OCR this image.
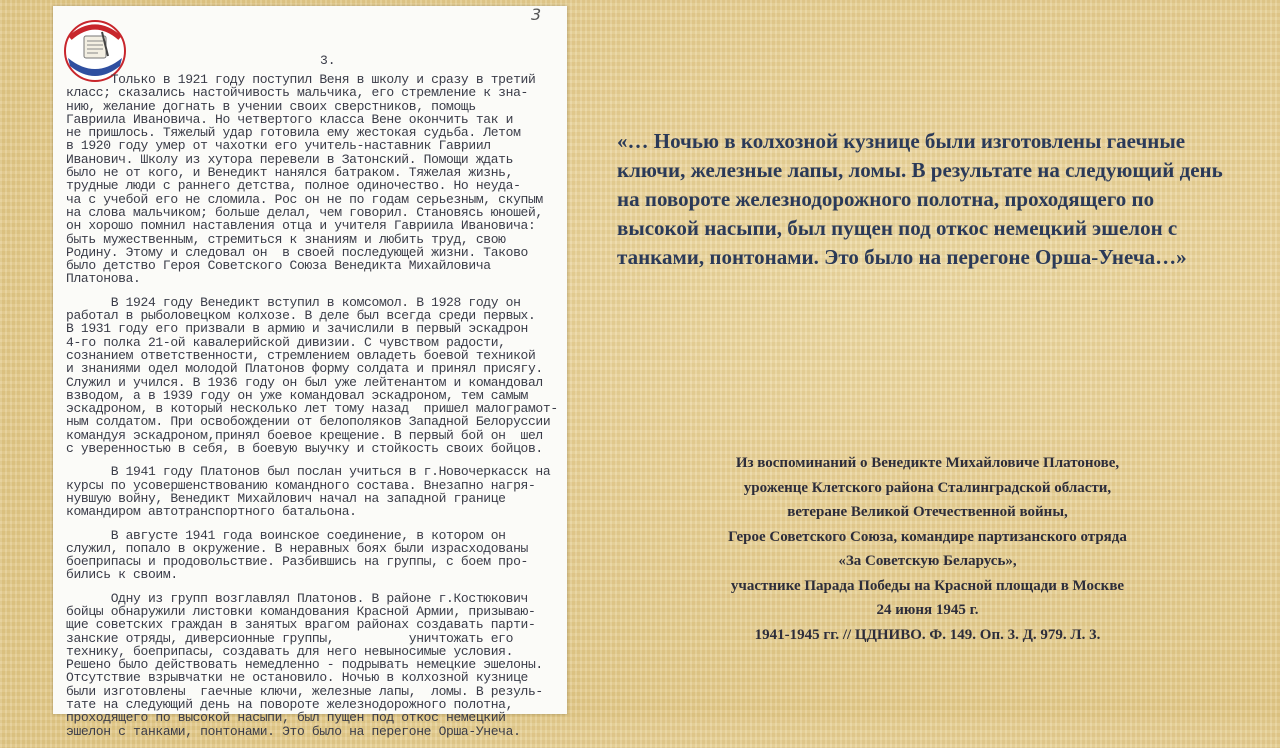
3
3.

Только в 1921 году поступил Веня в школу и сразу в третий
класс; сказались настойчивость мальчика, его стремление к зна-
нию, желание догнать в учении своих сверстников, помощь
Гавриила Ивановича. Но четвертого класса Вене окончить так и
не пришлось. Тяжелый удар готовила ему жестокая судьба. Летом
в 1920 году умер от чахотки его учитель-наставник Гавриил
Иванович. Школу из хутора перевели в Затонский. Помощи ждать
было не от кого, и Венедикт нанялся батраком. Тяжелая жизнь,
трудные люди с раннего детства, полное одиночество. Но неуда-
ча с учебой его не сломила. Рос он не по годам серьезным, скупым
на слова мальчиком; больше делал, чем говорил. Становясь юношей,
он хорошо помнил наставления отца и учителя Гавриила Ивановича:
быть мужественным, стремиться к знаниям и любить труд, свою
Родину. Этому и следовал он  в своей последующей жизни. Таково
было детство Героя Советского Союза Венедикта Михайловича
Платонова.

В 1924 году Венедикт вступил в комсомол. В 1928 году он
работал в рыболовецком колхозе. В деле был всегда среди первых.
В 1931 году его призвали в армию и зачислили в первый эскадрон
4-го полка 21-ой кавалерийской дивизии. С чувством радости,
сознанием ответственности, стремлением овладеть боевой техникой
и знаниями одел молодой Платонов форму солдата и принял присягу.
Служил и учился. В 1936 году он был уже лейтенантом и командовал
взводом, а в 1939 году он уже командовал эскадроном, тем самым
эскадроном, в который несколько лет тому назад  пришел малограмот-
ным солдатом. При освобождении от белополяков Западной Белоруссии
командуя эскадроном,принял боевое крещение. В первый бой он  шел
с уверенностью в себя, в боевую выучку и стойкость своих бойцов.

В 1941 году Платонов был послан учиться в г.Новочеркасск на
курсы по усовершенствованию командного состава. Внезапно нагря-
нувшую войну, Венедикт Михайлович начал на западной границе
командиром автотранспортного батальона.

В августе 1941 года воинское соединение, в котором он
служил, попало в окружение. В неравных боях были израсходованы
боеприпасы и продовольствие. Разбившись на группы, с боем про-
бились к своим.

Одну из групп возглавлял Платонов. В районе г.Костюкович
бойцы обнаружили листовки командования Красной Армии, призываю-
щие советских граждан в занятых врагом районах создавать парти-
занские отряды, диверсионные группы,          уничтожать его
технику, боеприпасы, создавать для него невыносимые условия.
Решено было действовать немедленно - подрывать немецкие эшелоны.
Отсутствие взрывчатки не остановило. Ночью в колхозной кузнице
были изготовлены  гаечные ключи, железные лапы,  ломы. В резуль-
тате на следующий день на повороте железнодорожного полотна,
проходящего по высокой насыпи, был пущен под откос немецкий
эшелон с танками, понтонами. Это было на перегоне Орша-Унеча.

«… Ночью в колхозной кузнице были изготовлены гаечные ключи, железные лапы, ломы. В результате на следующий день на повороте железнодорожного полотна, проходящего по высокой насыпи, был пущен под откос немецкий эшелон с танками, понтонами. Это было на перегоне Орша-Унеча…»
Из воспоминаний о Венедикте Михайловиче Платонове,
уроженце Клетского района Сталинградской области,
ветеране Великой Отечественной войны,
Герое Советского Союза, командире партизанского отряда
«За Советскую Беларусь»,
участнике Парада Победы на Красной площади в Москве
24 июня 1945 г.
1941-1945 гг. // ЦДНИВО. Ф. 149. Оп. 3. Д. 979. Л. 3.
